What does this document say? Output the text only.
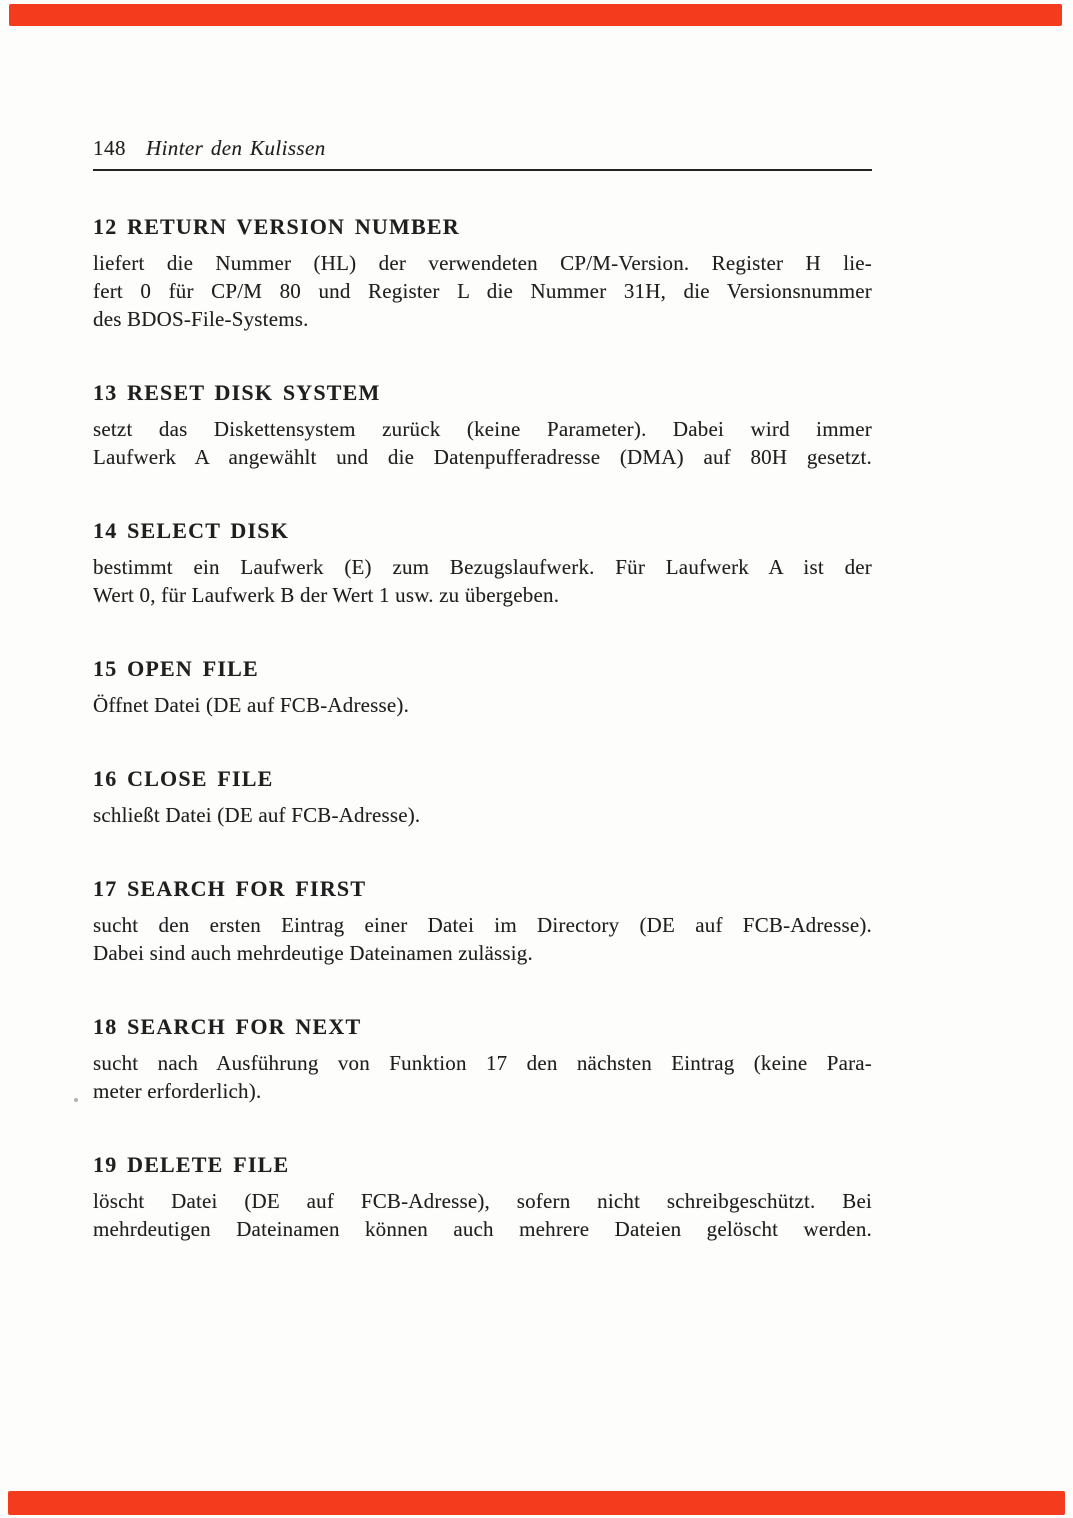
148 Hinter den Kulissen
12 RETURN VERSION NUMBER
liefert die Nummer (HL) der verwendeten CP/M-Version. Register H lie-
fert 0 für CP/M 80 und Register L die Nummer 31H, die Versionsnummer
des BDOS-File-Systems.
13 RESET DISK SYSTEM
setzt das Diskettensystem zurück (keine Parameter). Dabei wird immer
Laufwerk A angewählt und die Datenpufferadresse (DMA) auf 80H gesetzt.
14 SELECT DISK
bestimmt ein Laufwerk (E) zum Bezugslaufwerk. Für Laufwerk A ist der
Wert 0, für Laufwerk B der Wert 1 usw. zu übergeben.
15 OPEN FILE
Öffnet Datei (DE auf FCB-Adresse).
16 CLOSE FILE
schließt Datei (DE auf FCB-Adresse).
17 SEARCH FOR FIRST
sucht den ersten Eintrag einer Datei im Directory (DE auf FCB-Adresse).
Dabei sind auch mehrdeutige Dateinamen zulässig.
18 SEARCH FOR NEXT
sucht nach Ausführung von Funktion 17 den nächsten Eintrag (keine Para-
meter erforderlich).
19 DELETE FILE
löscht Datei (DE auf FCB-Adresse), sofern nicht schreibgeschützt. Bei
mehrdeutigen Dateinamen können auch mehrere Dateien gelöscht werden.
